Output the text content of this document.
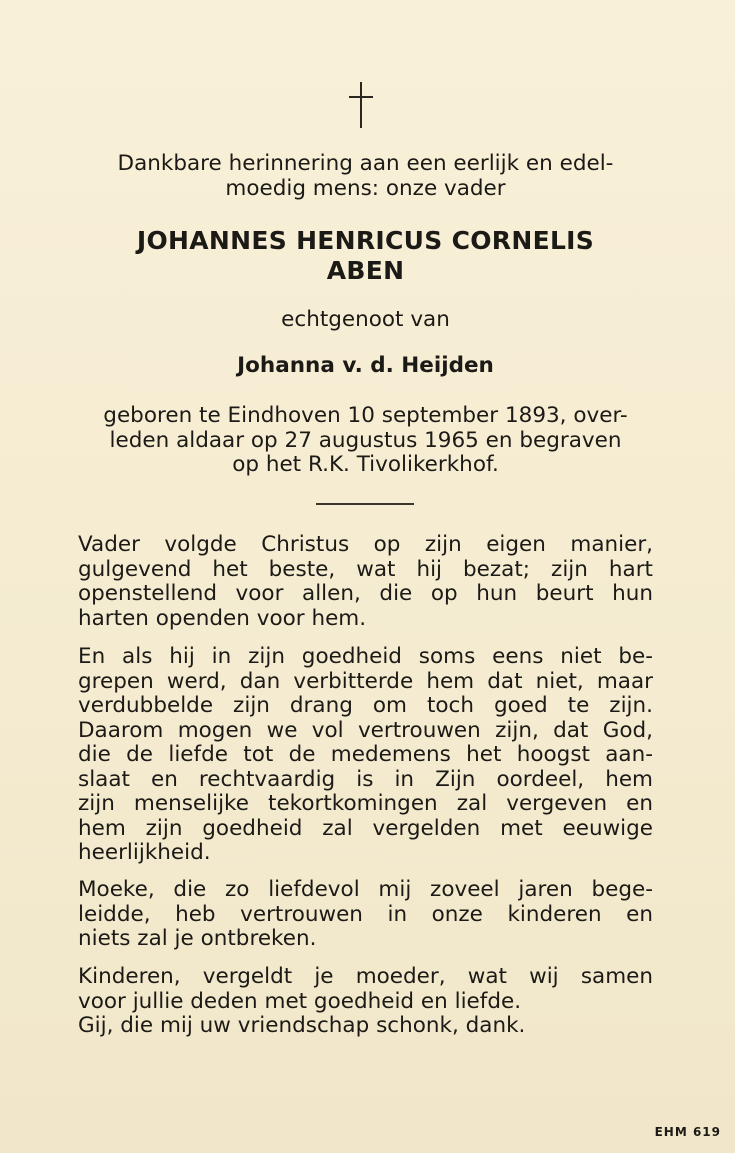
Dankbare herinnering aan een eerlijk en edel-
moedig mens: onze vader
JOHANNES HENRICUS CORNELIS
ABEN
echtgenoot van
Johanna v. d. Heijden
geboren te Eindhoven 10 september 1893, over-
leden aldaar op 27 augustus 1965 en begraven
op het R.K. Tivolikerkhof.
Vader volgde Christus op zijn eigen manier,
gulgevend het beste, wat hij bezat; zijn hart
openstellend voor allen, die op hun beurt hun
harten openden voor hem.
En als hij in zijn goedheid soms eens niet be-
grepen werd, dan verbitterde hem dat niet, maar
verdubbelde zijn drang om toch goed te zijn.
Daarom mogen we vol vertrouwen zijn, dat God,
die de liefde tot de medemens het hoogst aan-
slaat en rechtvaardig is in Zijn oordeel, hem
zijn menselijke tekortkomingen zal vergeven en
hem zijn goedheid zal vergelden met eeuwige
heerlijkheid.
Moeke, die zo liefdevol mij zoveel jaren bege-
leidde, heb vertrouwen in onze kinderen en
niets zal je ontbreken.
Kinderen, vergeldt je moeder, wat wij samen
voor jullie deden met goedheid en liefde.
Gij, die mij uw vriendschap schonk, dank.
EHM 619
